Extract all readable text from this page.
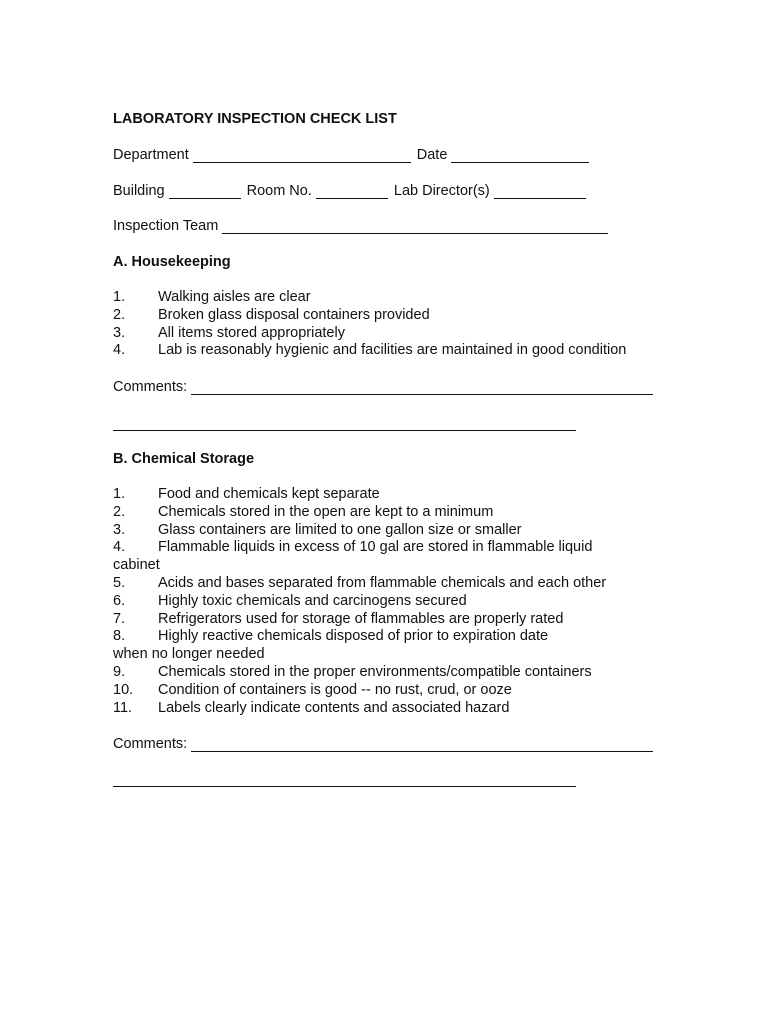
LABORATORY INSPECTION CHECK LIST
Department	Date
Building	Room No.	Lab Director(s)
Inspection Team
A. Housekeeping
1. Walking aisles are clear
2. Broken glass disposal containers provided
3. All items stored appropriately
4. Lab is reasonably hygienic and facilities are maintained in good condition
Comments:
B. Chemical Storage
1. Food and chemicals kept separate
2. Chemicals stored in the open are kept to a minimum
3. Glass containers are limited to one gallon size or smaller
4. Flammable liquids in excess of 10 gal are stored in flammable liquid
cabinet
5. Acids and bases separated from flammable chemicals and each other
6. Highly toxic chemicals and carcinogens secured
7. Refrigerators used for storage of flammables are properly rated
8. Highly reactive chemicals disposed of prior to expiration date
when no longer needed
9. Chemicals stored in the proper environments/compatible containers
10. Condition of containers is good -- no rust, crud, or ooze
11. Labels clearly indicate contents and associated hazard
Comments:
